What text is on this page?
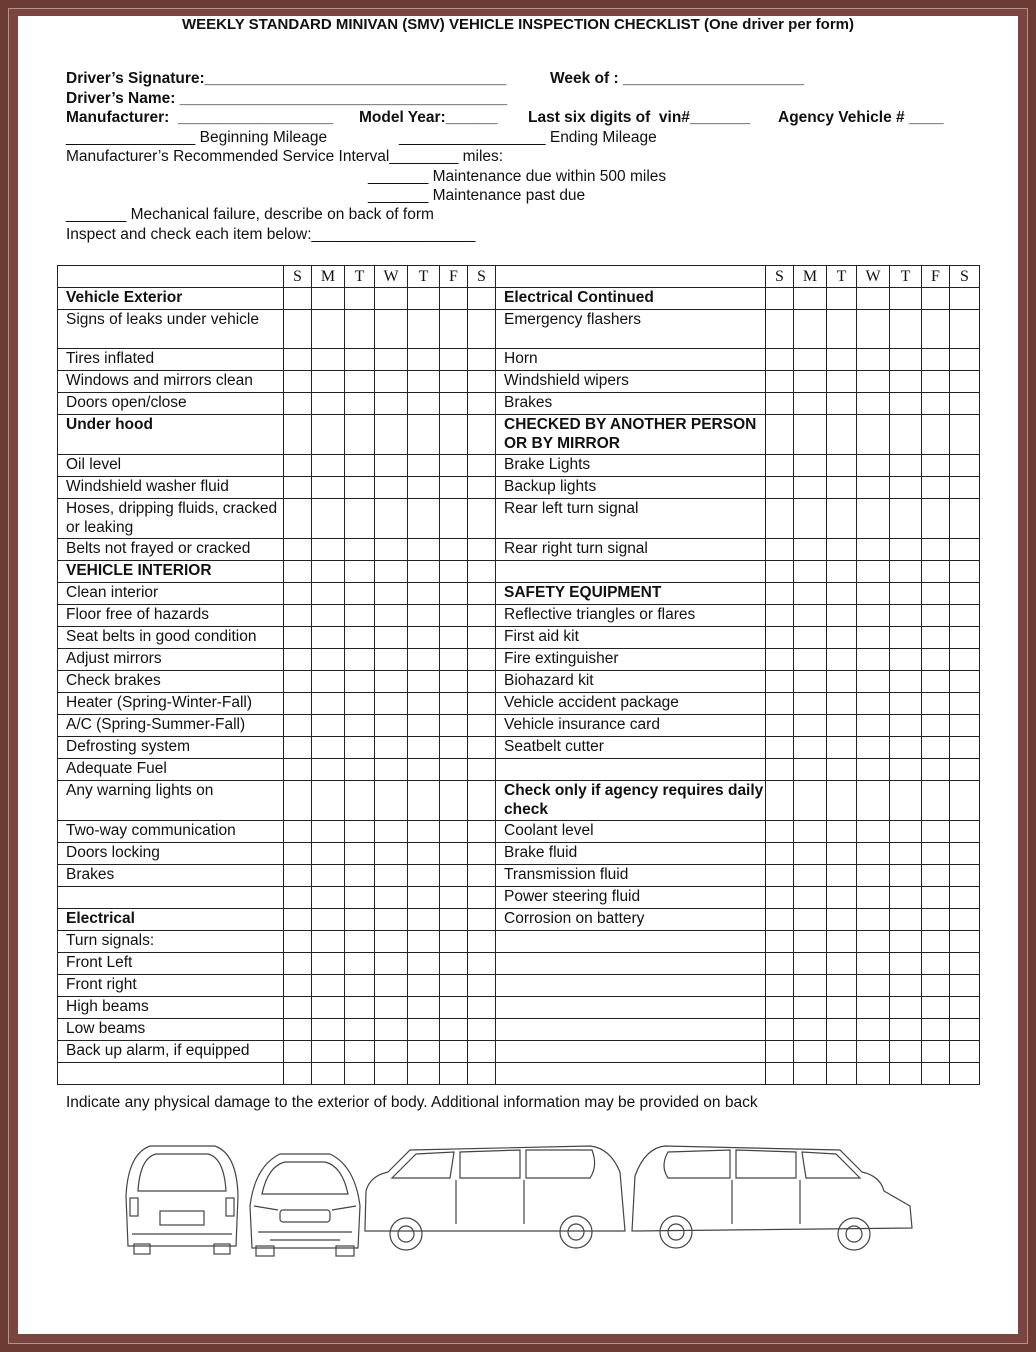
WEEKLY STANDARD MINIVAN (SMV) VEHICLE INSPECTION CHECKLIST (One driver per form)
Driver’s Signature:___________________________________	Week of : _____________________
Driver’s Name: ______________________________________
Manufacturer:  __________________ Model Year:______ Last six digits of  vin#_______ Agency Vehicle # ____
_______________ Beginning Mileage	_________________ Ending Mileage
Manufacturer’s Recommended Service Interval________ miles:
_______ Maintenance due within 500 miles
_______ Maintenance past due
_______ Mechanical failure, describe on back of form
Inspect and check each item below:___________________
	S	M	T	W	T	F	S		S	M	T	W	T	F	S
Vehicle Exterior								Electrical Continued							
Signs of leaks under vehicle								Emergency flashers							
Tires inflated								Horn							
Windows and mirrors clean								Windshield wipers							
Doors open/close								Brakes							
Under hood								CHECKED BY ANOTHER PERSON OR BY MIRROR							
Oil level								Brake Lights							
Windshield washer fluid								Backup lights							
Hoses, dripping fluids, cracked or leaking								Rear left turn signal							
Belts not frayed or cracked								Rear right turn signal							
VEHICLE INTERIOR															
Clean interior								SAFETY EQUIPMENT							
Floor free of hazards								Reflective triangles or flares							
Seat belts in good condition								First aid kit							
Adjust mirrors								Fire extinguisher							
Check brakes								Biohazard kit							
Heater (Spring-Winter-Fall)								Vehicle accident package							
A/C (Spring-Summer-Fall)								Vehicle insurance card							
Defrosting system								Seatbelt cutter							
Adequate Fuel															
Any warning lights on								Check only if agency requires daily check							
Two-way communication								Coolant level							
Doors locking								Brake fluid							
Brakes								Transmission fluid							
								Power steering fluid							
Electrical								Corrosion on battery							
Turn signals:															
Front Left															
Front right															
High beams															
Low beams															
Back up alarm, if equipped															

Indicate any physical damage to the exterior of body. Additional information may be provided on back
